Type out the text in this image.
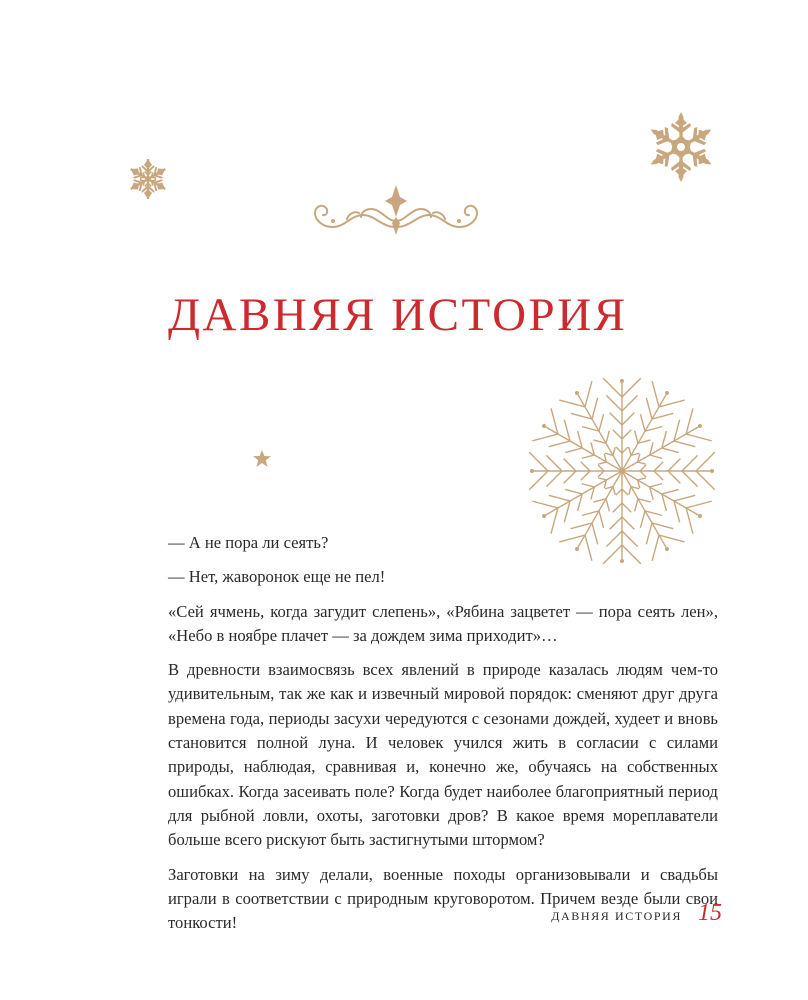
ДАВНЯЯ ИСТОРИЯ

— А не пора ли сеять?

— Нет, жаворонок еще не пел!

«Сей ячмень, когда загудит слепень», «Рябина зацветет — пора сеять лен», «Небо в ноябре плачет — за дождем зима приходит»…

В древности взаимосвязь всех явлений в природе казалась людям чем-то удивительным, так же как и извечный мировой порядок: сменяют друг друга времена года, периоды засухи чередуются с сезонами дождей, худеет и вновь становится полной луна. И человек учился жить в согласии с силами природы, наблюдая, сравнивая и, конечно же, обучаясь на собственных ошибках. Когда засеивать поле? Когда будет наиболее благоприятный период для рыбной ловли, охоты, заготовки дров? В какое время мореплаватели больше всего рискуют быть застигнутыми штормом?

Заготовки на зиму делали, военные походы организовывали и свадьбы играли в соответствии с природным круговоротом. Причем везде были свои тонкости!	ДАВНЯЯ ИСТОРИЯ 15
